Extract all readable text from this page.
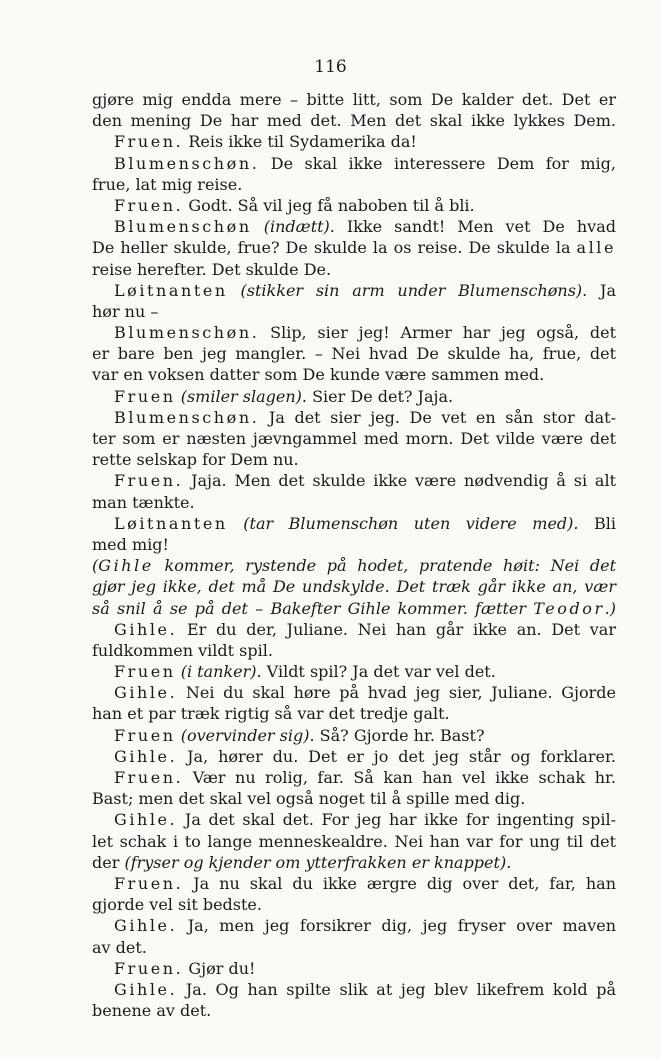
116
gjøre mig endda mere – bitte litt, som De kalder det. Det er
den mening De har med det. Men det skal ikke lykkes Dem.
Fruen. Reis ikke til Sydamerika da!
Blumenschøn. De skal ikke interessere Dem for mig,
frue, lat mig reise.
Fruen. Godt. Så vil jeg få naboben til å bli.
Blumenschøn (indætt). Ikke sandt! Men vet De hvad
De heller skulde, frue? De skulde la os reise. De skulde la alle
reise herefter. Det skulde De.
Løitnanten (stikker sin arm under Blumenschøns). Ja
hør nu –
Blumenschøn. Slip, sier jeg! Armer har jeg også, det
er bare ben jeg mangler. – Nei hvad De skulde ha, frue, det
var en voksen datter som De kunde være sammen med.
Fruen (smiler slagen). Sier De det? Jaja.
Blumenschøn. Ja det sier jeg. De vet en sån stor dat-
ter som er næsten jævngammel med morn. Det vilde være det
rette selskap for Dem nu.
Fruen. Jaja. Men det skulde ikke være nødvendig å si alt
man tænkte.
Løitnanten (tar Blumenschøn uten videre med). Bli
med mig!
(Gihle kommer, rystende på hodet, pratende høit: Nei det
gjør jeg ikke, det må De undskylde. Det træk går ikke an, vær
så snil å se på det – Bakefter Gihle kommer. fætter Teodor.)
Gihle. Er du der, Juliane. Nei han går ikke an. Det var
fuldkommen vildt spil.
Fruen (i tanker). Vildt spil? Ja det var vel det.
Gihle. Nei du skal høre på hvad jeg sier, Juliane. Gjorde
han et par træk rigtig så var det tredje galt.
Fruen (overvinder sig). Så? Gjorde hr. Bast?
Gihle. Ja, hører du. Det er jo det jeg står og forklarer.
Fruen. Vær nu rolig, far. Så kan han vel ikke schak hr.
Bast; men det skal vel også noget til å spille med dig.
Gihle. Ja det skal det. For jeg har ikke for ingenting spil-
let schak i to lange menneskealdre. Nei han var for ung til det
der (fryser og kjender om ytterfrakken er knappet).
Fruen. Ja nu skal du ikke ærgre dig over det, far, han
gjorde vel sit bedste.
Gihle. Ja, men jeg forsikrer dig, jeg fryser over maven
av det.
Fruen. Gjør du!
Gihle. Ja. Og han spilte slik at jeg blev likefrem kold på
benene av det.
